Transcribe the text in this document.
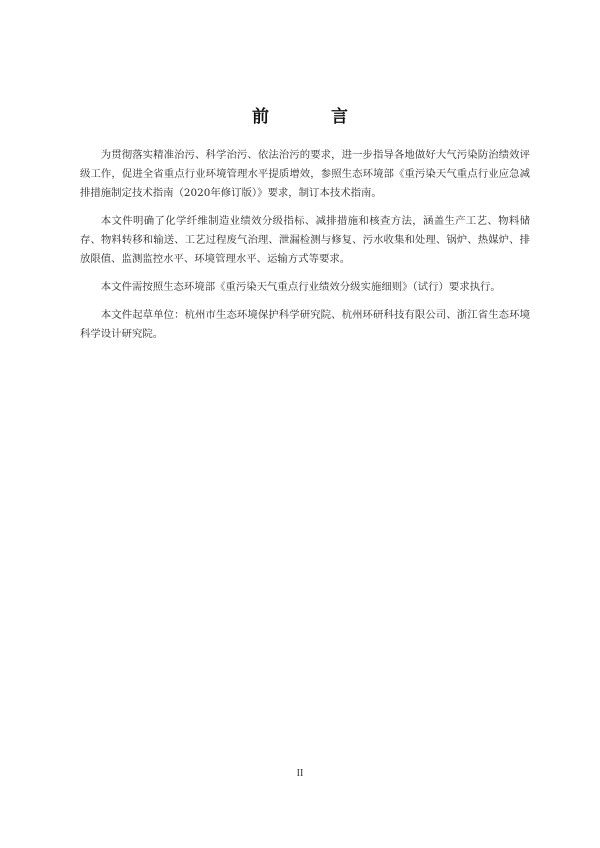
前 言

为贯彻落实精准治污、科学治污、依法治污的要求，进一步指导各地做好大气污染防治绩效评级工作，促进全省重点行业环境管理水平提质增效，参照生态环境部《重污染天气重点行业应急减排措施制定技术指南（2020年修订版）》要求，制订本技术指南。

本文件明确了化学纤维制造业绩效分级指标、减排措施和核查方法，涵盖生产工艺、物料储存、物料转移和输送、工艺过程废气治理、泄漏检测与修复、污水收集和处理、锅炉、热媒炉、排放限值、监测监控水平、环境管理水平、运输方式等要求。

本文件需按照生态环境部《重污染天气重点行业绩效分级实施细则》（试行）要求执行。

本文件起草单位：杭州市生态环境保护科学研究院、杭州环研科技有限公司、浙江省生态环境科学设计研究院。

II
